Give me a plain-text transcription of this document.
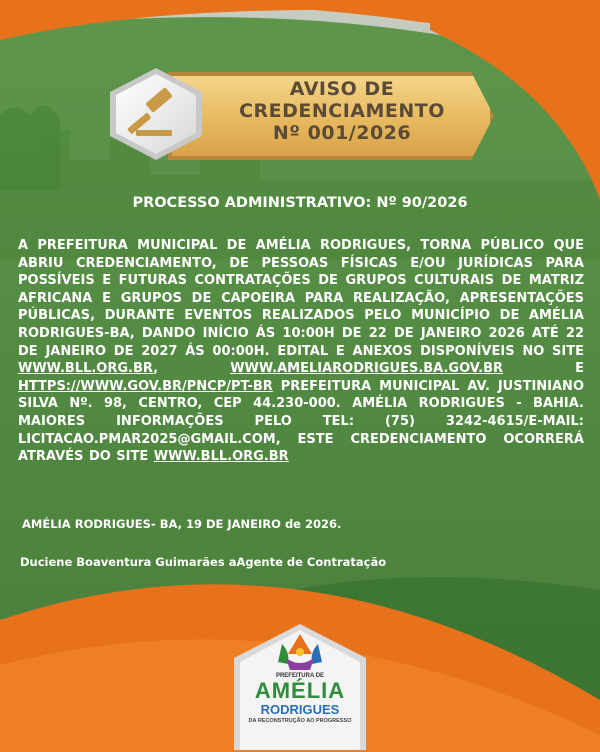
AVISO DE
CREDENCIAMENTO
Nº 001/2026
PROCESSO ADMINISTRATIVO: Nº 90/2026
A PREFEITURA MUNICIPAL DE AMÉLIA RODRIGUES, TORNA PÚBLICO QUE ABRIU CREDENCIAMENTO, DE PESSOAS FÍSICAS E/OU JURÍDICAS PARA POSSÍVEIS E FUTURAS CONTRATAÇÕES DE GRUPOS CULTURAIS DE MATRIZ AFRICANA E GRUPOS DE CAPOEIRA PARA REALIZAÇÃO, APRESENTAÇÕES PÚBLICAS, DURANTE EVENTOS REALIZADOS PELO MUNICÍPIO DE AMÉLIA RODRIGUES-BA, DANDO INÍCIO ÁS 10:00H DE 22 DE JANEIRO 2026 ATÉ 22 DE JANEIRO DE 2027 ÁS 00:00H. EDITAL E ANEXOS DISPONÍVEIS NO SITE WWW.BLL.ORG.BR, WWW.AMELIARODRIGUES.BA.GOV.BR E HTTPS://WWW.GOV.BR/PNCP/PT-BR PREFEITURA MUNICIPAL AV. JUSTINIANO SILVA Nº. 98, CENTRO, CEP 44.230-000. AMÉLIA RODRIGUES - BAHIA. MAIORES INFORMAÇÕES PELO TEL: (75) 3242-4615/E-MAIL: LICITACAO.PMAR2025@GMAIL.COM, ESTE CREDENCIAMENTO OCORRERÁ ATRAVÉS DO SITE WWW.BLL.ORG.BR
AMÉLIA RODRIGUES- BA, 19 DE JANEIRO de 2026.
Duciene Boaventura Guimarães aAgente de Contratação
PREFEITURA DE
AMÉLIA
RODRIGUES
DA RECONSTRUÇÃO AO PROGRESSO
